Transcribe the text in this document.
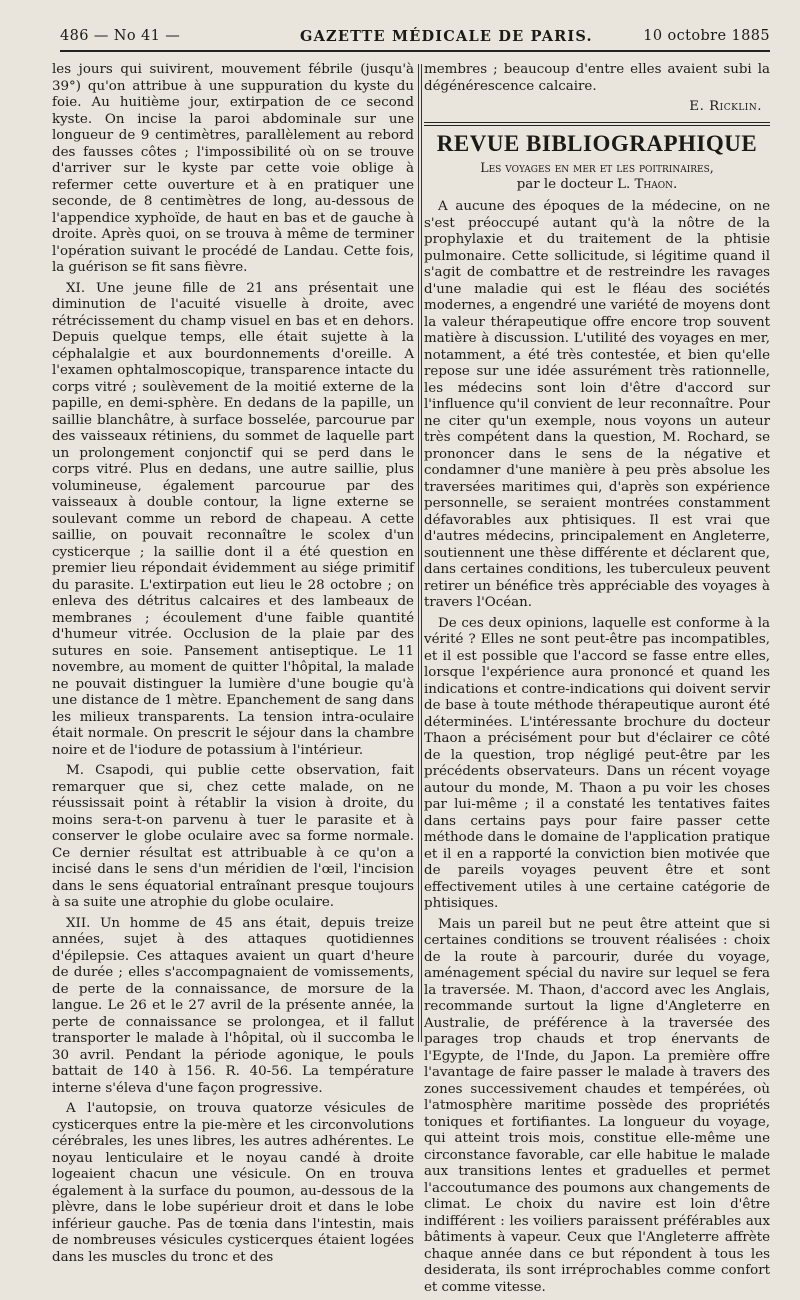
486 — No 41 —	GAZETTE MÉDICALE DE PARIS.	10 octobre 1885

les jours qui suivirent, mouvement fébrile (jusqu'à 39°) qu'on attribue à une suppuration du kyste du foie. Au huitième jour, extirpation de ce second kyste. On incise la paroi abdominale sur une longueur de 9 centimètres, parallèlement au rebord des fausses côtes ; l'impossibilité où on se trouve d'arriver sur le kyste par cette voie oblige à refermer cette ouverture et à en pratiquer une seconde, de 8 centimètres de long, au-dessous de l'appendice xyphoïde, de haut en bas et de gauche à droite. Après quoi, on se trouva à même de terminer l'opération suivant le procédé de Landau. Cette fois, la guérison se fit sans fièvre.

XI. Une jeune fille de 21 ans présentait une diminution de l'acuité visuelle à droite, avec rétrécissement du champ visuel en bas et en dehors. Depuis quelque temps, elle était sujette à la céphalalgie et aux bourdonnements d'oreille. A l'examen ophtalmoscopique, transparence intacte du corps vitré ; soulèvement de la moitié externe de la papille, en demi-sphère. En dedans de la papille, un saillie blanchâtre, à surface bosselée, parcourue par des vaisseaux rétiniens, du sommet de laquelle part un prolongement conjonctif qui se perd dans le corps vitré. Plus en dedans, une autre saillie, plus volumineuse, également parcourue par des vaisseaux à double contour, la ligne externe se soulevant comme un rebord de chapeau. A cette saillie, on pouvait reconnaître le scolex d'un cysticerque ; la saillie dont il a été question en premier lieu répondait évidemment au siége primitif du parasite. L'extirpation eut lieu le 28 octobre ; on enleva des détritus calcaires et des lambeaux de membranes ; écoulement d'une faible quantité d'humeur vitrée. Occlusion de la plaie par des sutures en soie. Pansement antiseptique. Le 11 novembre, au moment de quitter l'hôpital, la malade ne pouvait distinguer la lumière d'une bougie qu'à une distance de 1 mètre. Epanchement de sang dans les milieux transparents. La tension intra-oculaire était normale. On prescrit le séjour dans la chambre noire et de l'iodure de potassium à l'intérieur.

M. Csapodi, qui publie cette observation, fait remarquer que si, chez cette malade, on ne réussissait point à rétablir la vision à droite, du moins sera-t-on parvenu à tuer le parasite et à conserver le globe oculaire avec sa forme normale. Ce dernier résultat est attribuable à ce qu'on a incisé dans le sens d'un méridien de l'œil, l'incision dans le sens équatorial entraînant presque toujours à sa suite une atrophie du globe oculaire.

XII. Un homme de 45 ans était, depuis treize années, sujet à des attaques quotidiennes d'épilepsie. Ces attaques avaient un quart d'heure de durée ; elles s'accompagnaient de vomissements, de perte de la connaissance, de morsure de la langue. Le 26 et le 27 avril de la présente année, la perte de connaissance se prolongea, et il fallut transporter le malade à l'hôpital, où il succomba le 30 avril. Pendant la période agonique, le pouls battait de 140 à 156. R. 40-56. La température interne s'éleva d'une façon progressive.

A l'autopsie, on trouva quatorze vésicules de cysticerques entre la pie-mère et les circonvolutions cérébrales, les unes libres, les autres adhérentes. Le noyau lenticulaire et le noyau candé à droite logeaient chacun une vésicule. On en trouva également à la surface du poumon, au-dessous de la plèvre, dans le lobe supérieur droit et dans le lobe inférieur gauche. Pas de tœnia dans l'intestin, mais de nombreuses vésicules cysticerques étaient logées dans les muscles du tronc et des

membres ; beaucoup d'entre elles avaient subi la dégénérescence calcaire.

E. Ricklin.
REVUE BIBLIOGRAPHIQUE
Les voyages en mer et les poitrinaires,
par le docteur L. Thaon.

A aucune des époques de la médecine, on ne s'est préoccupé autant qu'à la nôtre de la prophylaxie et du traitement de la phtisie pulmonaire. Cette sollicitude, si légitime quand il s'agit de combattre et de restreindre les ravages d'une maladie qui est le fléau des sociétés modernes, a engendré une variété de moyens dont la valeur thérapeutique offre encore trop souvent matière à discussion. L'utilité des voyages en mer, notamment, a été très contestée, et bien qu'elle repose sur une idée assurément très rationnelle, les médecins sont loin d'être d'accord sur l'influence qu'il convient de leur reconnaître. Pour ne citer qu'un exemple, nous voyons un auteur très compétent dans la question, M. Rochard, se prononcer dans le sens de la négative et condamner d'une manière à peu près absolue les traversées maritimes qui, d'après son expérience personnelle, se seraient montrées constamment défavorables aux phtisiques. Il est vrai que d'autres médecins, principalement en Angleterre, soutiennent une thèse différente et déclarent que, dans certaines conditions, les tuberculeux peuvent retirer un bénéfice très appréciable des voyages à travers l'Océan.

De ces deux opinions, laquelle est conforme à la vérité ? Elles ne sont peut-être pas incompatibles, et il est possible que l'accord se fasse entre elles, lorsque l'expérience aura prononcé et quand les indications et contre-indications qui doivent servir de base à toute méthode thérapeutique auront été déterminées. L'intéressante brochure du docteur Thaon a précisément pour but d'éclairer ce côté de la question, trop négligé peut-être par les précédents observateurs. Dans un récent voyage autour du monde, M. Thaon a pu voir les choses par lui-même ; il a constaté les tentatives faites dans certains pays pour faire passer cette méthode dans le domaine de l'application pratique et il en a rapporté la conviction bien motivée que de pareils voyages peuvent être et sont effectivement utiles à une certaine catégorie de phtisiques.

Mais un pareil but ne peut être atteint que si certaines conditions se trouvent réalisées : choix de la route à parcourir, durée du voyage, aménagement spécial du navire sur lequel se fera la traversée. M. Thaon, d'accord avec les Anglais, recommande surtout la ligne d'Angleterre en Australie, de préférence à la traversée des parages trop chauds et trop énervants de l'Egypte, de l'Inde, du Japon. La première offre l'avantage de faire passer le malade à travers des zones successivement chaudes et tempérées, où l'atmosphère maritime possède des propriétés toniques et fortifiantes. La longueur du voyage, qui atteint trois mois, constitue elle-même une circonstance favorable, car elle habitue le malade aux transitions lentes et graduelles et permet l'accoutumance des poumons aux changements de climat. Le choix du navire est loin d'être indifférent : les voiliers paraissent préférables aux bâtiments à vapeur. Ceux que l'Angleterre affrète chaque année dans ce but répondent à tous les desiderata, ils sont irréprochables comme confort et comme vitesse.
